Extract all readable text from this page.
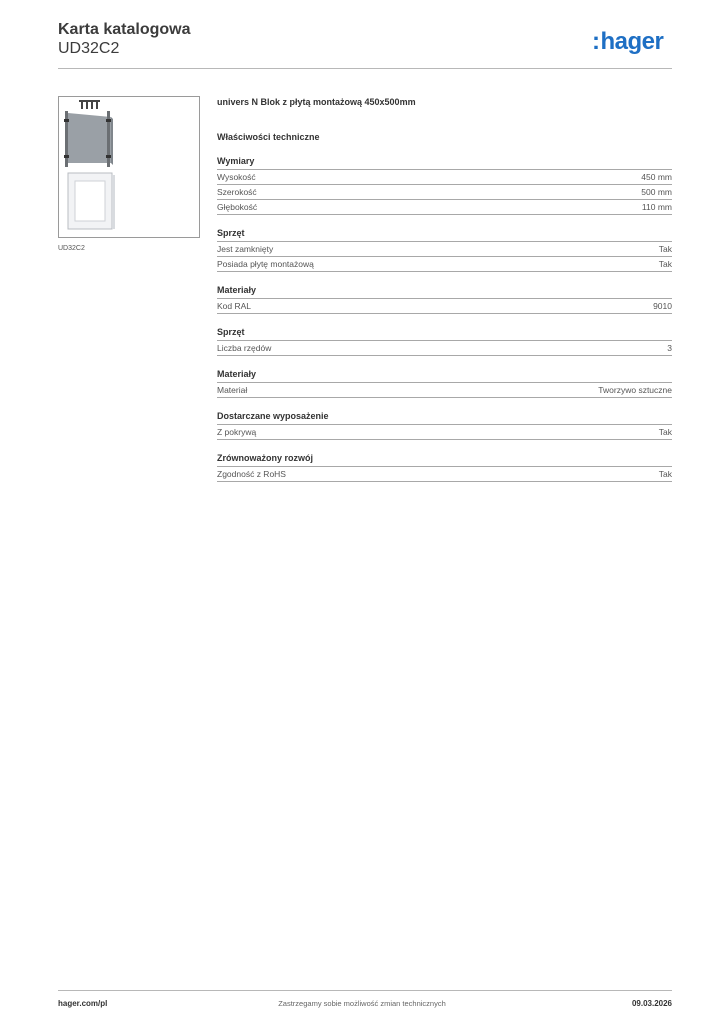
Karta katalogowa
UD32C2	:hager
UD32C2
univers N Blok z płytą montażową 450x500mm
Właściwości techniczne
Wymiary
Wysokość	450 mm
Szerokość	500 mm
Głębokość	110 mm
Sprzęt
Jest zamknięty	Tak
Posiada płytę montażową	Tak
Materiały
Kod RAL	9010
Sprzęt
Liczba rzędów	3
Materiały
Materiał	Tworzywo sztuczne
Dostarczane wyposażenie
Z pokrywą	Tak
Zrównoważony rozwój
Zgodność z RoHS	Tak
hager.com/pl	Zastrzegamy sobie możliwość zmian technicznych	09.03.2026
